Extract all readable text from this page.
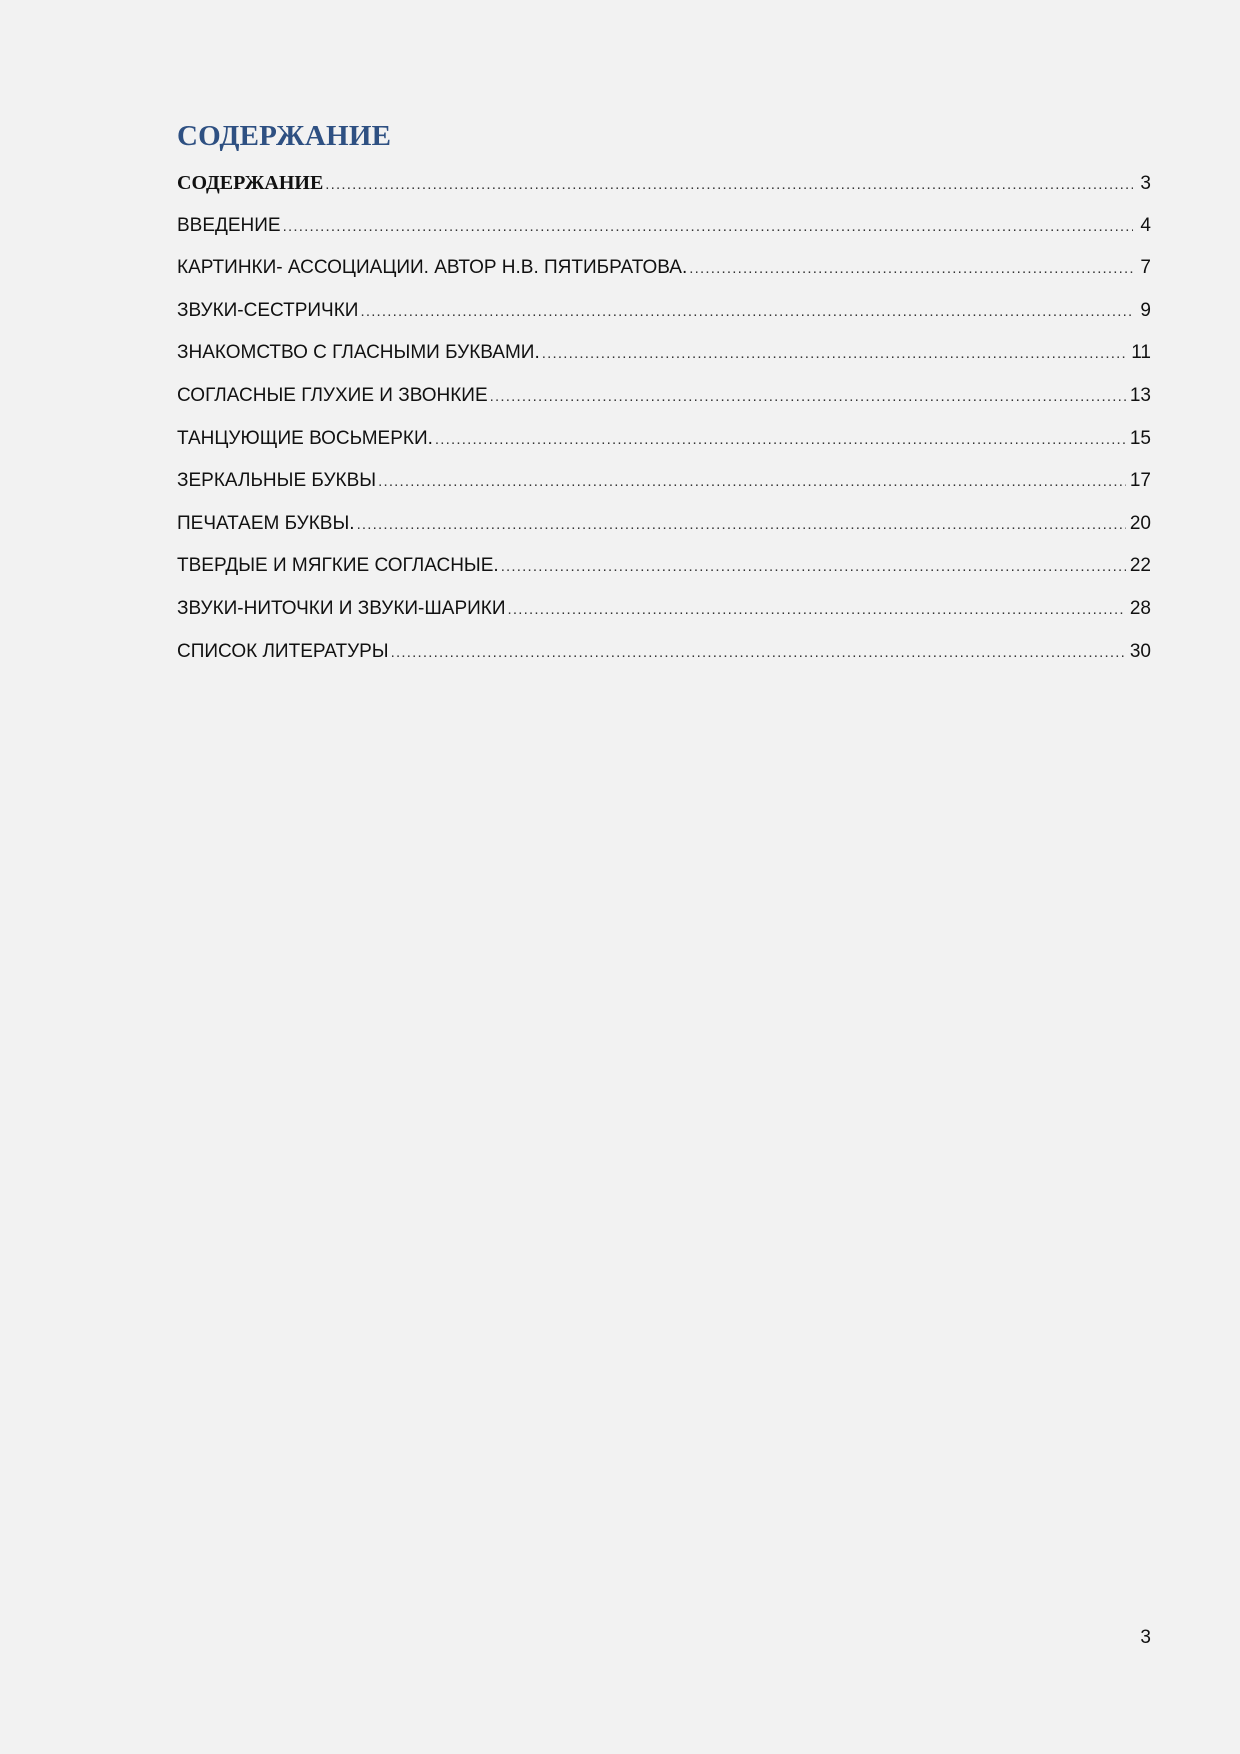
СОДЕРЖАНИЕ
СОДЕРЖАНИЕ .....	3
ВВЕДЕНИЕ .....	4
КАРТИНКИ- АССОЦИАЦИИ. АВТОР Н.В. ПЯТИБРАТОВА. .....	7
ЗВУКИ-СЕСТРИЧКИ .....	9
ЗНАКОМСТВО С ГЛАСНЫМИ БУКВАМИ. .....	11
СОГЛАСНЫЕ ГЛУХИЕ И ЗВОНКИЕ .....	13
ТАНЦУЮЩИЕ ВОСЬМЕРКИ. .....	15
ЗЕРКАЛЬНЫЕ БУКВЫ .....	17
ПЕЧАТАЕМ БУКВЫ. .....	20
ТВЕРДЫЕ И МЯГКИЕ СОГЛАСНЫЕ. .....	22
ЗВУКИ-НИТОЧКИ И ЗВУКИ-ШАРИКИ .....	28
СПИСОК ЛИТЕРАТУРЫ .....	30
3
